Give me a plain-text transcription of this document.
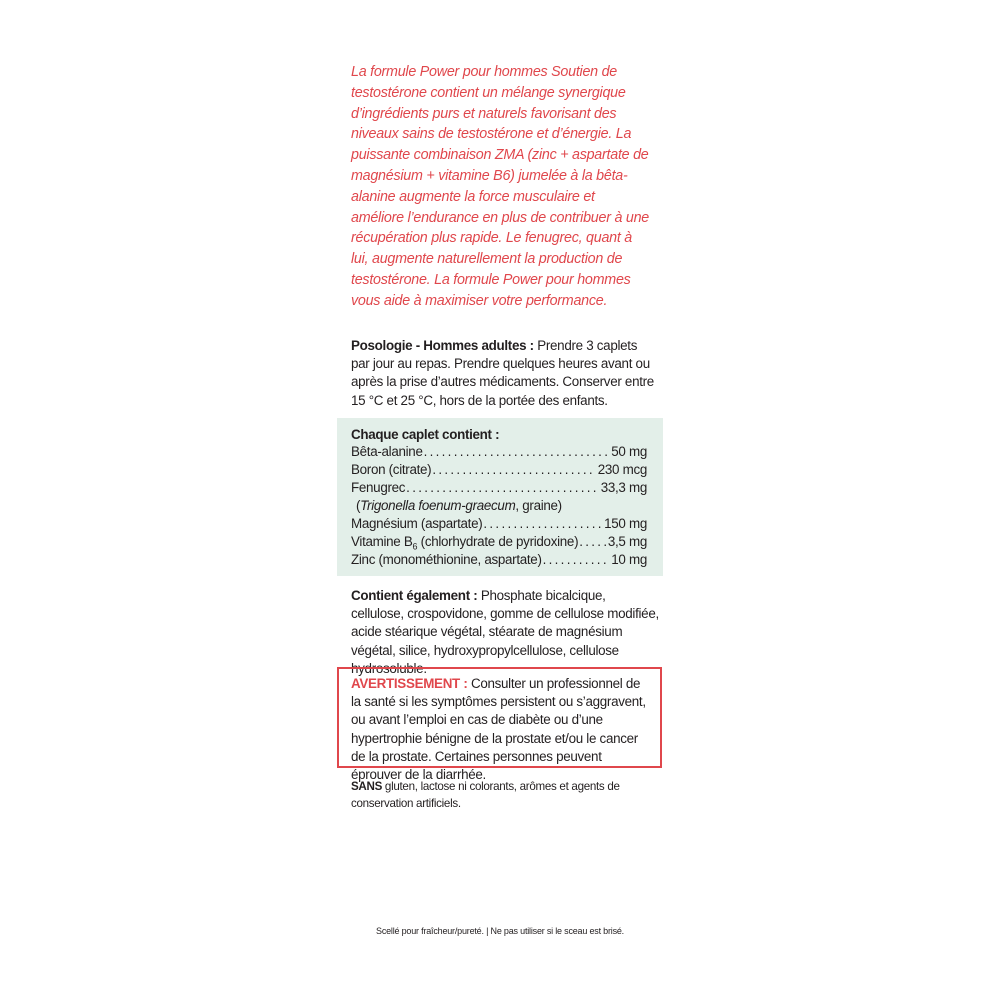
La formule Power pour hommes Soutien de testostérone contient un mélange synergique d’ingrédients purs et naturels favorisant des niveaux sains de testostérone et d’énergie. La puissante combinaison ZMA (zinc + aspartate de magnésium + vitamine B6) jumelée à la bêta-alanine augmente la force musculaire et améliore l’endurance en plus de contribuer à une récupération plus rapide. Le fenugrec, quant à lui, augmente naturellement la production de testostérone. La formule Power pour hommes vous aide à maximiser votre performance.

Posologie - Hommes adultes : Prendre 3 caplets par jour au repas. Prendre quelques heures avant ou après la prise d’autres médicaments. Conserver entre 15 °C et 25 °C, hors de la portée des enfants.

Chaque caplet contient :

Bêta-alanine .....	50 mg
Boron (citrate) .....	230 mcg
Fenugrec .....	33,3 mg
(Trigonella foenum-graecum, graine)
Magnésium (aspartate) .....	150 mg
Vitamine $B_6$ (chlorhydrate de pyridoxine) ..... 3,5 mg
Zinc (monométhionine, aspartate) .....	10 mg

Contient également : Phosphate bicalcique, cellulose, crospovidone, gomme de cellulose modifiée, acide stéarique végétal, stéarate de magnésium végétal, silice, hydroxypropylcellulose, cellulose hydrosoluble.

AVERTISSEMENT : Consulter un professionnel de la santé si les symptômes persistent ou s’aggravent, ou avant l’emploi en cas de diabète ou d’une hypertrophie bénigne de la prostate et/ou le cancer de la prostate. Certaines personnes peuvent éprouver de la diarrhée.

SANS gluten, lactose ni colorants, arômes et agents de conservation artificiels.

Scellé pour fraîcheur/pureté. | Ne pas utiliser si le sceau est brisé.
